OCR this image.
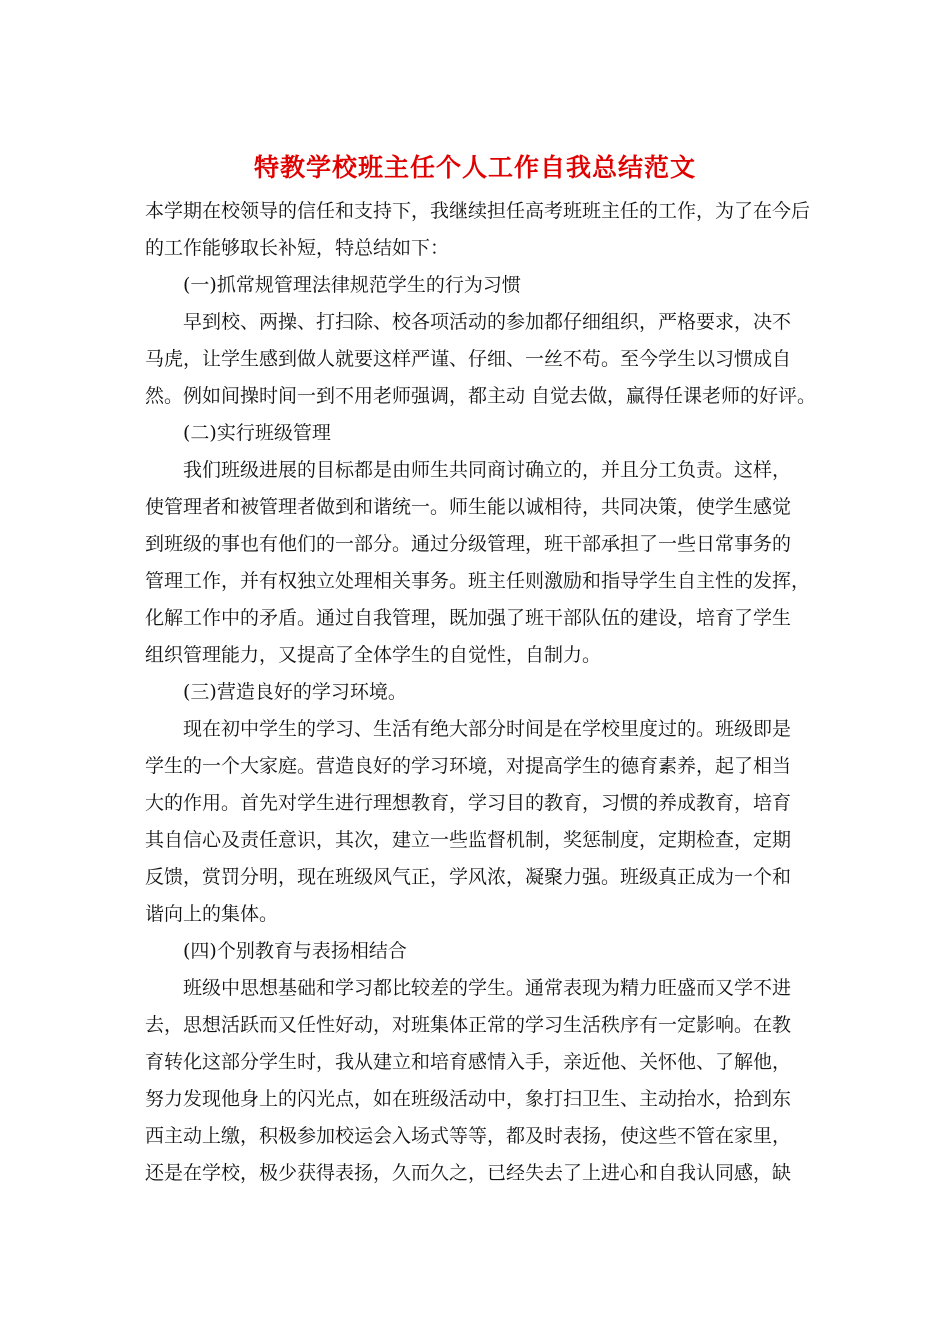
特教学校班主任个人工作自我总结范文
本学期在校领导的信任和支持下，我继续担任高考班班主任的工作，为了在今后
的工作能够取长补短，特总结如下：
(一)抓常规管理法律规范学生的行为习惯
早到校、两操、打扫除、校各项活动的参加都仔细组织，严格要求，决不
马虎，让学生感到做人就要这样严谨、仔细、一丝不苟。至今学生以习惯成自
然。例如间操时间一到不用老师强调，都主动 自觉去做，赢得任课老师的好评。
(二)实行班级管理
我们班级进展的目标都是由师生共同商讨确立的，并且分工负责。这样，
使管理者和被管理者做到和谐统一。师生能以诚相待，共同决策，使学生感觉
到班级的事也有他们的一部分。通过分级管理，班干部承担了一些日常事务的
管理工作，并有权独立处理相关事务。班主任则激励和指导学生自主性的发挥，
化解工作中的矛盾。通过自我管理，既加强了班干部队伍的建设，培育了学生
组织管理能力，又提高了全体学生的自觉性，自制力。
(三)营造良好的学习环境。
现在初中学生的学习、生活有绝大部分时间是在学校里度过的。班级即是
学生的一个大家庭。营造良好的学习环境，对提高学生的德育素养，起了相当
大的作用。首先对学生进行理想教育，学习目的教育，习惯的养成教育，培育
其自信心及责任意识，其次，建立一些监督机制，奖惩制度，定期检查，定期
反馈，赏罚分明，现在班级风气正，学风浓，凝聚力强。班级真正成为一个和
谐向上的集体。
(四)个别教育与表扬相结合
班级中思想基础和学习都比较差的学生。通常表现为精力旺盛而又学不进
去，思想活跃而又任性好动，对班集体正常的学习生活秩序有一定影响。在教
育转化这部分学生时，我从建立和培育感情入手，亲近他、关怀他、了解他，
努力发现他身上的闪光点，如在班级活动中，象打扫卫生、主动抬水，拾到东
西主动上缴，积极参加校运会入场式等等，都及时表扬，使这些不管在家里，
还是在学校，极少获得表扬，久而久之，已经失去了上进心和自我认同感，缺
